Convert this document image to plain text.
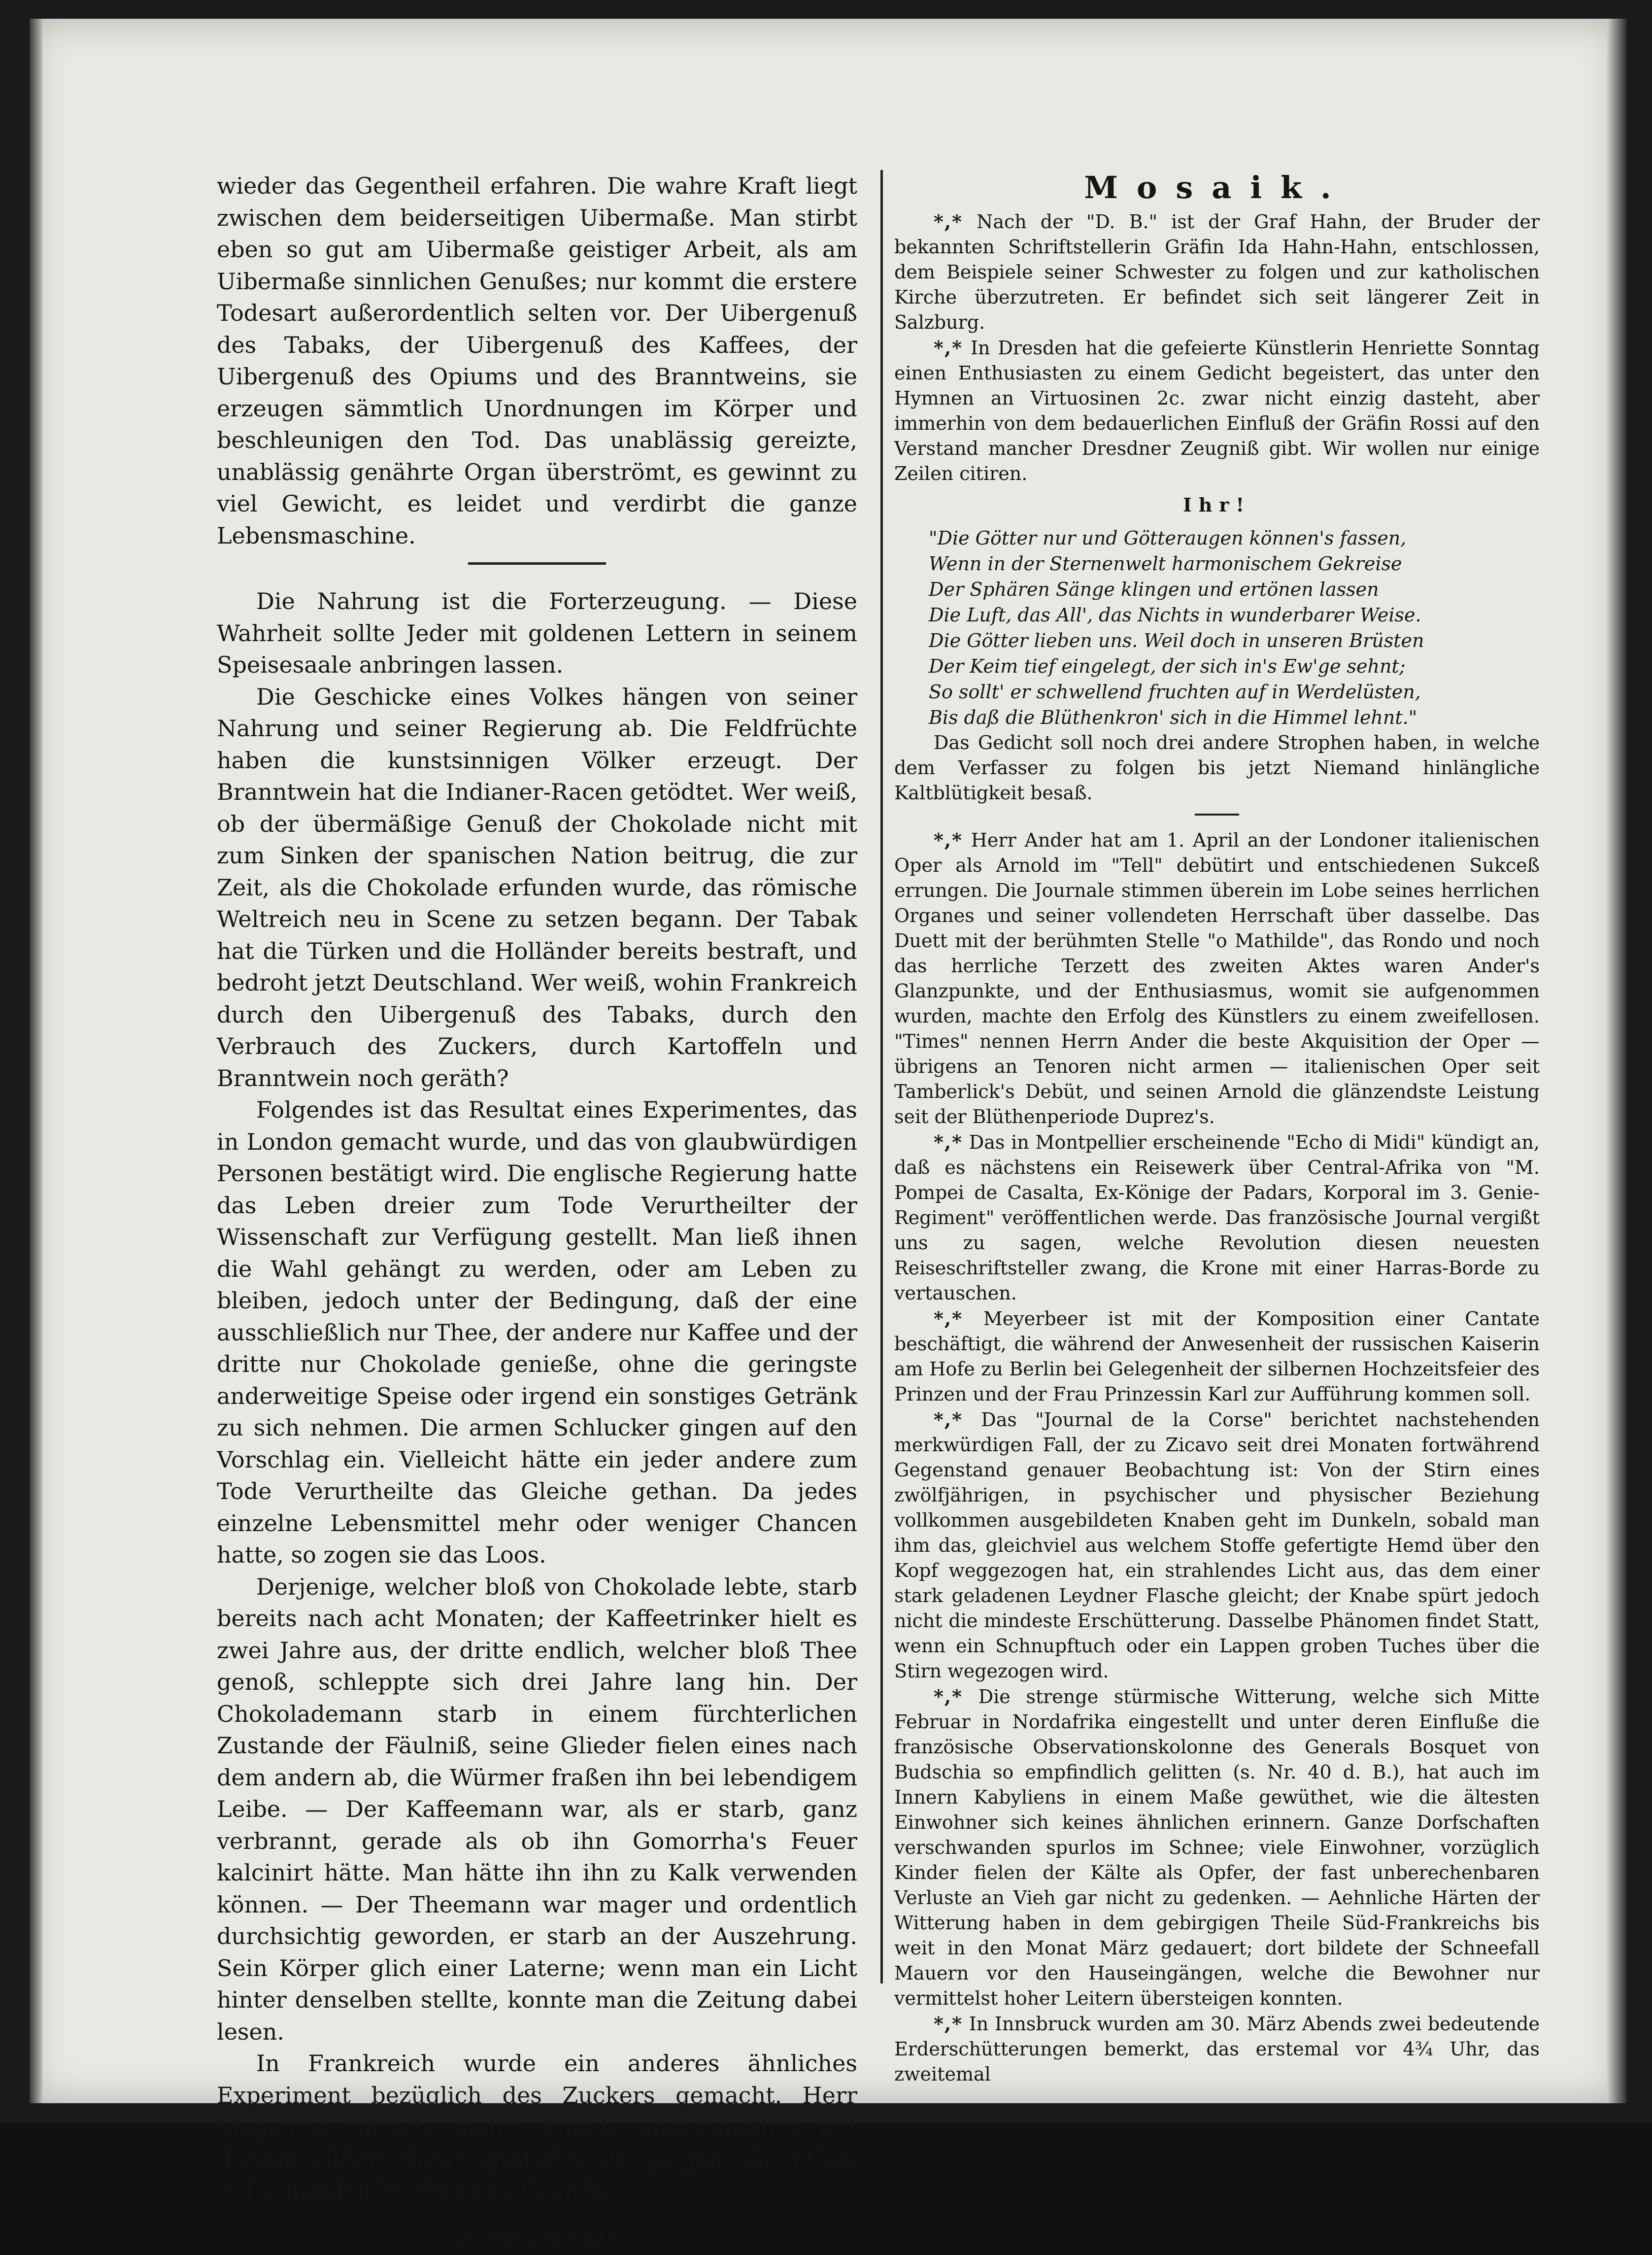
wieder das Gegentheil erfahren. Die wahre Kraft liegt zwischen dem beiderseitigen Uibermaße. Man stirbt eben so gut am Uibermaße geistiger Arbeit, als am Uibermaße sinnlichen Genußes; nur kommt die erstere Todesart außerordentlich selten vor. Der Uibergenuß des Tabaks, der Uibergenuß des Kaffees, der Uibergenuß des Opiums und des Branntweins, sie erzeugen sämmtlich Unordnungen im Körper und beschleunigen den Tod. Das unablässig gereizte, unablässig genährte Organ überströmt, es gewinnt zu viel Gewicht, es leidet und verdirbt die ganze Lebensmaschine.

Die Nahrung ist die Forterzeugung. — Diese Wahrheit sollte Jeder mit goldenen Lettern in seinem Speisesaale anbringen lassen.

Die Geschicke eines Volkes hängen von seiner Nahrung und seiner Regierung ab. Die Feldfrüchte haben die kunstsinnigen Völker erzeugt. Der Branntwein hat die Indianer-Racen getödtet. Wer weiß, ob der übermäßige Genuß der Chokolade nicht mit zum Sinken der spanischen Nation beitrug, die zur Zeit, als die Chokolade erfunden wurde, das römische Weltreich neu in Scene zu setzen begann. Der Tabak hat die Türken und die Holländer bereits bestraft, und bedroht jetzt Deutschland. Wer weiß, wohin Frankreich durch den Uibergenuß des Tabaks, durch den Verbrauch des Zuckers, durch Kartoffeln und Branntwein noch geräth?

Folgendes ist das Resultat eines Experimentes, das in London gemacht wurde, und das von glaubwürdigen Personen bestätigt wird. Die englische Regierung hatte das Leben dreier zum Tode Verurtheilter der Wissenschaft zur Verfügung gestellt. Man ließ ihnen die Wahl gehängt zu werden, oder am Leben zu bleiben, jedoch unter der Bedingung, daß der eine ausschließlich nur Thee, der andere nur Kaffee und der dritte nur Chokolade genieße, ohne die geringste anderweitige Speise oder irgend ein sonstiges Getränk zu sich nehmen. Die armen Schlucker gingen auf den Vorschlag ein. Vielleicht hätte ein jeder andere zum Tode Verurtheilte das Gleiche gethan. Da jedes einzelne Lebensmittel mehr oder weniger Chancen hatte, so zogen sie das Loos.

Derjenige, welcher bloß von Chokolade lebte, starb bereits nach acht Monaten; der Kaffeetrinker hielt es zwei Jahre aus, der dritte endlich, welcher bloß Thee genoß, schleppte sich drei Jahre lang hin. Der Chokolademann starb in einem fürchterlichen Zustande der Fäulniß, seine Glieder fielen eines nach dem andern ab, die Würmer fraßen ihn bei lebendigem Leibe. — Der Kaffeemann war, als er starb, ganz verbrannt, gerade als ob ihn Gomorrha's Feuer kalcinirt hätte. Man hätte ihn ihn zu Kalk verwenden können. — Der Theemann war mager und ordentlich durchsichtig geworden, er starb an der Auszehrung. Sein Körper glich einer Laterne; wenn man ein Licht hinter denselben stellte, konnte man die Zeitung dabei lesen.

In Frankreich wurde ein anderes ähnliches Experiment bezüglich des Zuckers gemacht. Herr Magendie fütterte mehre Hunde ausschließlich mit diesem süßen Nahrungsstoffe, sie gingen sämmtlich auf schreckliche Weise zu Grunde.

(Fortsetzung folgt.)
Mosaik.

*,* Nach der "D. B." ist der Graf Hahn, der Bruder der bekannten Schriftstellerin Gräfin Ida Hahn-Hahn, entschlossen, dem Beispiele seiner Schwester zu folgen und zur katholischen Kirche überzutreten. Er befindet sich seit längerer Zeit in Salzburg.

*,* In Dresden hat die gefeierte Künstlerin Henriette Sonntag einen Enthusiasten zu einem Gedicht begeistert, das unter den Hymnen an Virtuosinen 2c. zwar nicht einzig dasteht, aber immerhin von dem bedauerlichen Einfluß der Gräfin Rossi auf den Verstand mancher Dresdner Zeugniß gibt. Wir wollen nur einige Zeilen citiren.

Ihr!
"Die Götter nur und Götteraugen können's fassen,
Wenn in der Sternenwelt harmonischem Gekreise
Der Sphären Sänge klingen und ertönen lassen
Die Luft, das All', das Nichts in wunderbarer Weise.
Die Götter lieben uns. Weil doch in unseren Brüsten
Der Keim tief eingelegt, der sich in's Ew'ge sehnt;
So sollt' er schwellend fruchten auf in Werdelüsten,
Bis daß die Blüthenkron' sich in die Himmel lehnt."

Das Gedicht soll noch drei andere Strophen haben, in welche dem Verfasser zu folgen bis jetzt Niemand hinlängliche Kaltblütigkeit besaß.

*,* Herr Ander hat am 1. April an der Londoner italienischen Oper als Arnold im "Tell" debütirt und entschiedenen Sukceß errungen. Die Journale stimmen überein im Lobe seines herrlichen Organes und seiner vollendeten Herrschaft über dasselbe. Das Duett mit der berühmten Stelle "o Mathilde", das Rondo und noch das herrliche Terzett des zweiten Aktes waren Ander's Glanzpunkte, und der Enthusiasmus, womit sie aufgenommen wurden, machte den Erfolg des Künstlers zu einem zweifellosen. "Times" nennen Herrn Ander die beste Akquisition der Oper — übrigens an Tenoren nicht armen — italienischen Oper seit Tamberlick's Debüt, und seinen Arnold die glänzendste Leistung seit der Blüthenperiode Duprez's.

*,* Das in Montpellier erscheinende "Echo di Midi" kündigt an, daß es nächstens ein Reisewerk über Central-Afrika von "M. Pompei de Casalta, Ex-Könige der Padars, Korporal im 3. Genie-Regiment" veröffentlichen werde. Das französische Journal vergißt uns zu sagen, welche Revolution diesen neuesten Reiseschriftsteller zwang, die Krone mit einer Harras-Borde zu vertauschen.

*,* Meyerbeer ist mit der Komposition einer Cantate beschäftigt, die während der Anwesenheit der russischen Kaiserin am Hofe zu Berlin bei Gelegenheit der silbernen Hochzeitsfeier des Prinzen und der Frau Prinzessin Karl zur Aufführung kommen soll.

*,* Das "Journal de la Corse" berichtet nachstehenden merkwürdigen Fall, der zu Zicavo seit drei Monaten fortwährend Gegenstand genauer Beobachtung ist: Von der Stirn eines zwölfjährigen, in psychischer und physischer Beziehung vollkommen ausgebildeten Knaben geht im Dunkeln, sobald man ihm das, gleichviel aus welchem Stoffe gefertigte Hemd über den Kopf weggezogen hat, ein strahlendes Licht aus, das dem einer stark geladenen Leydner Flasche gleicht; der Knabe spürt jedoch nicht die mindeste Erschütterung. Dasselbe Phänomen findet Statt, wenn ein Schnupftuch oder ein Lappen groben Tuches über die Stirn wegezogen wird.

*,* Die strenge stürmische Witterung, welche sich Mitte Februar in Nordafrika eingestellt und unter deren Einfluße die französische Observationskolonne des Generals Bosquet von Budschia so empfindlich gelitten (s. Nr. 40 d. B.), hat auch im Innern Kabyliens in einem Maße gewüthet, wie die ältesten Einwohner sich keines ähnlichen erinnern. Ganze Dorfschaften verschwanden spurlos im Schnee; viele Einwohner, vorzüglich Kinder fielen der Kälte als Opfer, der fast unberechenbaren Verluste an Vieh gar nicht zu gedenken. — Aehnliche Härten der Witterung haben in dem gebirgigen Theile Süd-Frankreichs bis weit in den Monat März gedauert; dort bildete der Schneefall Mauern vor den Hauseingängen, welche die Bewohner nur vermittelst hoher Leitern übersteigen konnten.

*,* In Innsbruck wurden am 30. März Abends zwei bedeutende Erderschütterungen bemerkt, das erstemal vor 4¾ Uhr, das zweitemal
